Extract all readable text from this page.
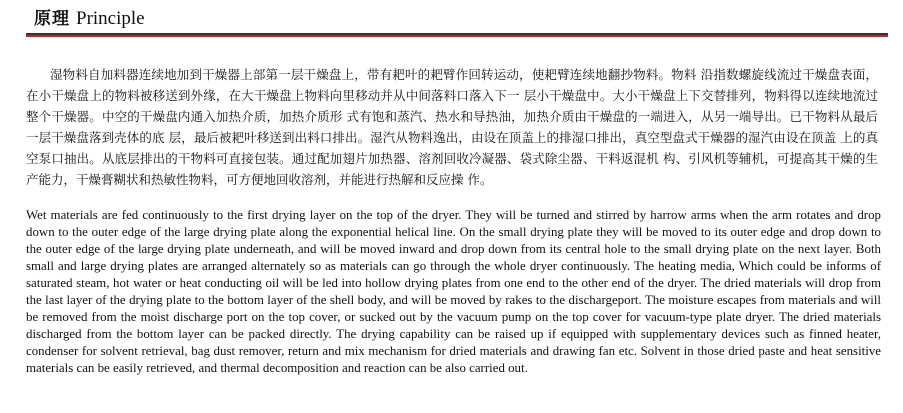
原理 Principle

湿物料自加料器连续地加到干燥器上部第一层干燥盘上，带有耙叶的耙臂作回转运动，使耙臂连续地翻抄物料。物料 沿指数螺旋线流过干燥盘表面，在小干燥盘上的物料被移送到外缘，在大干燥盘上物料向里移动并从中间落料口落入下一 层小干燥盘中。大小干燥盘上下交替排列，物料得以连续地流过整个干燥器。中空的干燥盘内通入加热介质，加热介质形 式有饱和蒸汽、热水和导热油，加热介质由干燥盘的一端进入，从另一端导出。已干物料从最后一层干燥盘落到壳体的底 层，最后被耙叶移送到出料口排出。湿汽从物料逸出，由设在顶盖上的排湿口排出，真空型盘式干燥器的湿汽由设在顶盖 上的真空泵口抽出。从底层排出的干物料可直接包装。通过配加翅片加热器、溶剂回收冷凝器、袋式除尘器、干料返混机 构、引风机等辅机，可提高其干燥的生产能力，干燥膏糊状和热敏性物料，可方便地回收溶剂，并能进行热解和反应操 作。

Wet materials are fed continuously to the first drying layer on the top of the dryer. They will be turned and stirred by harrow arms when the arm rotates and drop down to the outer edge of the large drying plate along the exponential helical line. On the small drying plate they will be moved to its outer edge and drop down to the outer edge of the large drying plate underneath, and will be moved inward and drop down from its central hole to the small drying plate on the next layer. Both small and large drying plates are arranged alternately so as materials can go through the whole dryer continuously. The heating media, Which could be informs of saturated steam, hot water or heat conducting oil will be led into hollow drying plates from one end to the other end of the dryer. The dried materials will drop from the last layer of the drying plate to the bottom layer of the shell body, and will be moved by rakes to the dischargeport. The moisture escapes from materials and will be removed from the moist discharge port on the top cover, or sucked out by the vacuum pump on the top cover for vacuum-type plate dryer. The dried materials discharged from the bottom layer can be packed directly. The drying capability can be raised up if equipped with supplementary devices such as finned heater, condenser for solvent retrieval, bag dust remover, return and mix mechanism for dried materials and drawing fan etc. Solvent in those dried paste and heat sensitive materials can be easily retrieved, and thermal decomposition and reaction can be also carried out.
